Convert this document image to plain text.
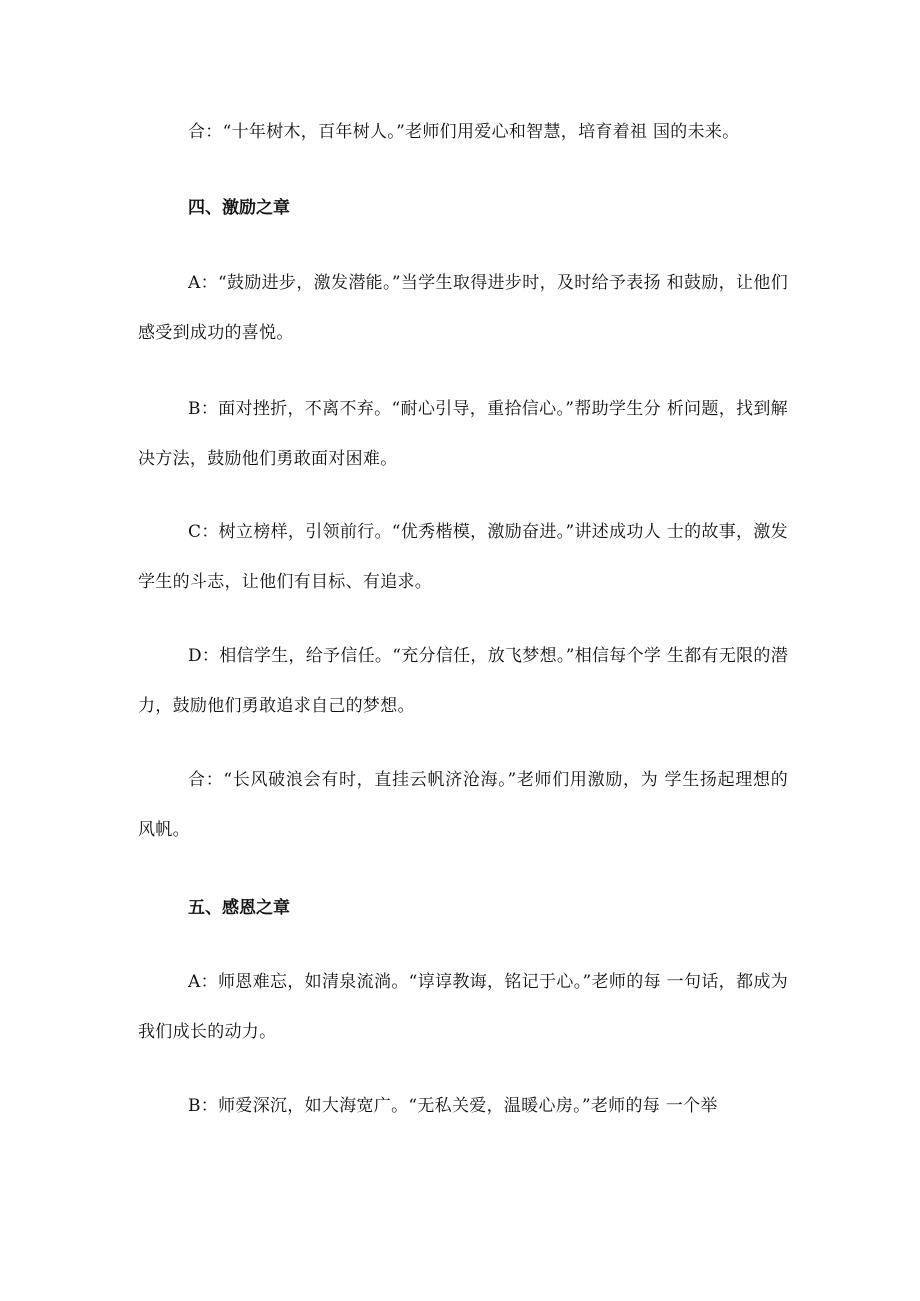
合：“十年树木，百年树人。”老师们用爱心和智慧，培育着祖 国的未来。

四、激励之章

A：“鼓励进步，激发潜能。”当学生取得进步时，及时给予表扬 和鼓励，让他们感受到成功的喜悦。

B：面对挫折，不离不弃。“耐心引导，重拾信心。”帮助学生分 析问题，找到解决方法，鼓励他们勇敢面对困难。

C：树立榜样，引领前行。“优秀楷模，激励奋进。”讲述成功人 士的故事，激发学生的斗志，让他们有目标、有追求。

D：相信学生，给予信任。“充分信任，放飞梦想。”相信每个学 生都有无限的潜力，鼓励他们勇敢追求自己的梦想。

合：“长风破浪会有时，直挂云帆济沧海。”老师们用激励，为 学生扬起理想的风帆。

五、感恩之章

A：师恩难忘，如清泉流淌。“谆谆教诲，铭记于心。”老师的每 一句话，都成为我们成长的动力。

B：师爱深沉，如大海宽广。“无私关爱，温暖心房。”老师的每 一个举
